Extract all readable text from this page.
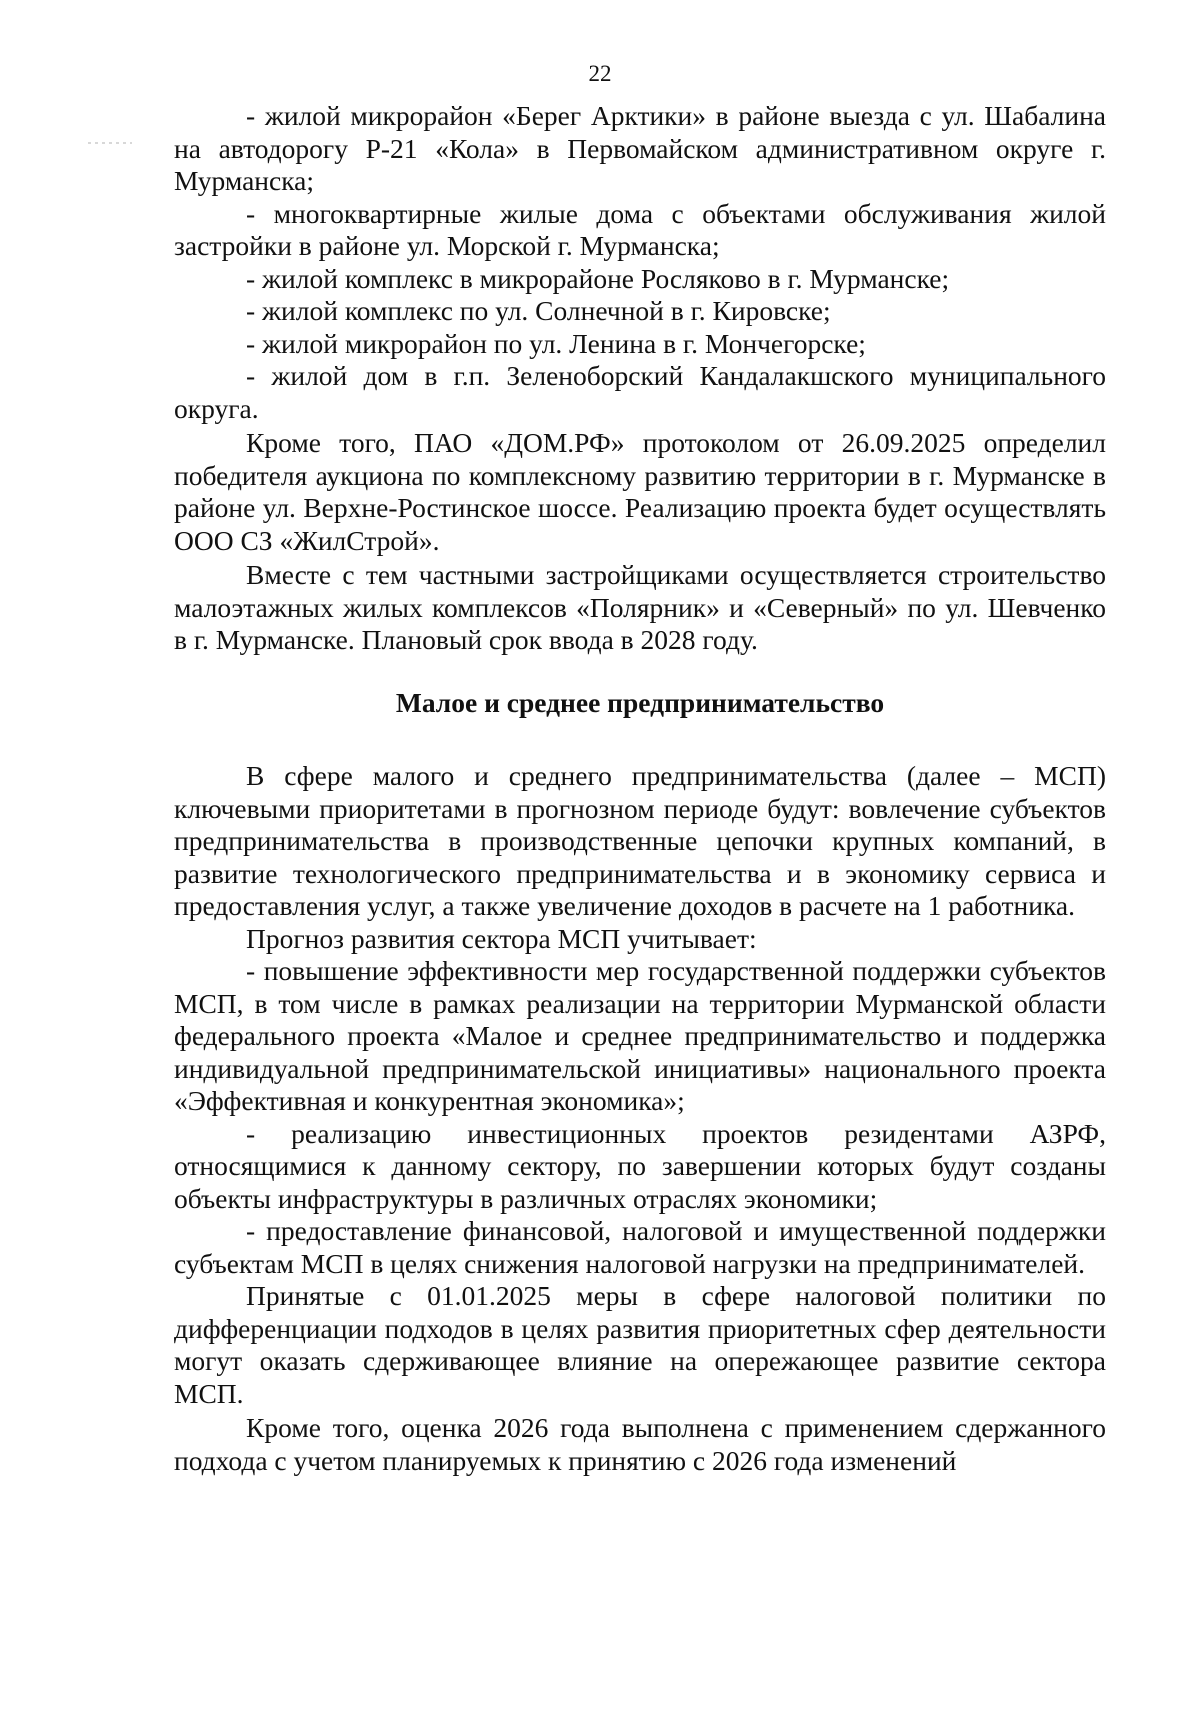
22

- жилой микрорайон «Берег Арктики» в районе выезда с ул. Шабалина на автодорогу Р-21 «Кола» в Первомайском административном округе г. Мурманска;

- многоквартирные жилые дома с объектами обслуживания жилой застройки в районе ул. Морской г. Мурманска;

- жилой комплекс в микрорайоне Росляково в г. Мурманске;

- жилой комплекс по ул. Солнечной в г. Кировске;

- жилой микрорайон по ул. Ленина в г. Мончегорске;

- жилой дом в г.п. Зеленоборский Кандалакшского муниципального округа.

Кроме того, ПАО «ДОМ.РФ» протоколом от 26.09.2025 определил победителя аукциона по комплексному развитию территории в г. Мурманске в районе ул. Верхне-Ростинское шоссе. Реализацию проекта будет осуществлять ООО СЗ «ЖилСтрой».

Вместе с тем частными застройщиками осуществляется строительство малоэтажных жилых комплексов «Полярник» и «Северный» по ул. Шевченко в г. Мурманске. Плановый срок ввода в 2028 году.

Малое и среднее предпринимательство

В сфере малого и среднего предпринимательства (далее – МСП) ключевыми приоритетами в прогнозном периоде будут: вовлечение субъектов предпринимательства в производственные цепочки крупных компаний, в развитие технологического предпринимательства и в экономику сервиса и предоставления услуг, а также увеличение доходов в расчете на 1 работника.

Прогноз развития сектора МСП учитывает:

- повышение эффективности мер государственной поддержки субъектов МСП, в том числе в рамках реализации на территории Мурманской области федерального проекта «Малое и среднее предпринимательство и поддержка индивидуальной предпринимательской инициативы» национального проекта «Эффективная и конкурентная экономика»;

- реализацию инвестиционных проектов резидентами АЗРФ, относящимися к данному сектору, по завершении которых будут созданы объекты инфраструктуры в различных отраслях экономики;

- предоставление финансовой, налоговой и имущественной поддержки субъектам МСП в целях снижения налоговой нагрузки на предпринимателей.

Принятые с 01.01.2025 меры в сфере налоговой политики по дифференциации подходов в целях развития приоритетных сфер деятельности могут оказать сдерживающее влияние на опережающее развитие сектора МСП.

Кроме того, оценка 2026 года выполнена с применением сдержанного подхода с учетом планируемых к принятию с 2026 года изменений
